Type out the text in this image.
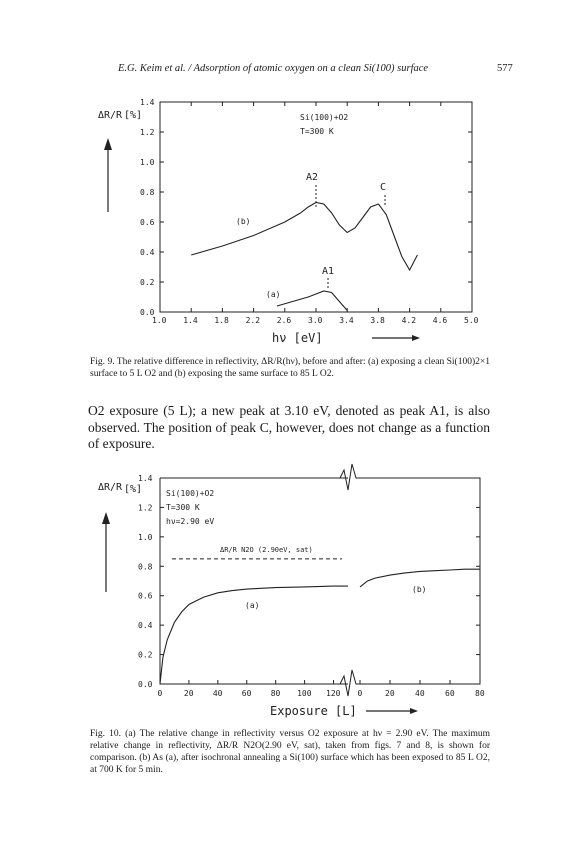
E.G. Keim et al. / Adsorption of atomic oxygen on a clean Si(100) surface	577
ΔR/R [%]
1.0 1.4 1.8 2.2 2.6 3.0 3.4 3.8 4.2 4.6 5.0
0.0
0.2
0.4
0.6
0.8
1.0
1.2
1.4
Si(100)+O2
T=300 K
(b)
(a)
A2
C
A1
hν [eV]
Fig. 9. The relative difference in reflectivity, ΔR/R(hν), before and after: (a) exposing a clean Si(100)2×1 surface to 5 L O2 and (b) exposing the same surface to 85 L O2.
O2 exposure (5 L); a new peak at 3.10 eV, denoted as peak A1, is also observed. The position of peak C, however, does not change as a function of exposure.
ΔR/R [%]
0	20 40 60 80 100 120 0	20	40	60	80
0.0
0.2
0.4
0.6
0.8
1.0
1.2
1.4
Si(100)+O2
T=300 K
hν=2.90 eV
ΔR/R N2O (2.90eV, sat)
(a)
(b)
Exposure [L]
Fig. 10. (a) The relative change in reflectivity versus O2 exposure at hν = 2.90 eV. The maximum relative change in reflectivity, ΔR/R N2O(2.90 eV, sat), taken from figs. 7 and 8, is shown for comparison. (b) As (a), after isochronal annealing a Si(100) surface which has been exposed to 85 L O2, at 700 K for 5 min.
